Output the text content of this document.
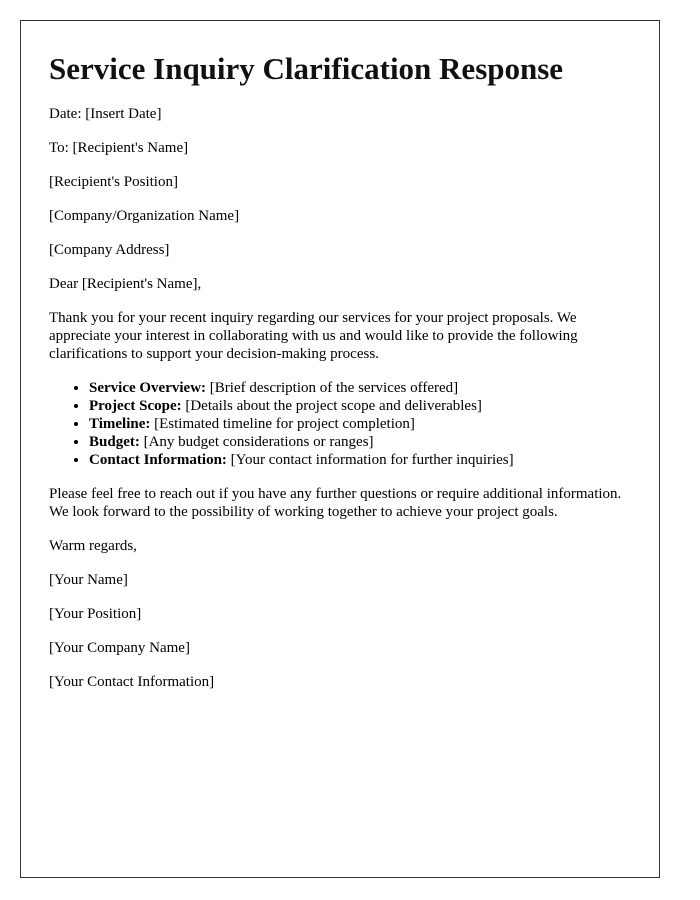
Service Inquiry Clarification Response

Date: [Insert Date]

To: [Recipient's Name]

[Recipient's Position]

[Company/Organization Name]

[Company Address]

Dear [Recipient's Name],

Thank you for your recent inquiry regarding our services for your project proposals. We appreciate your interest in collaborating with us and would like to provide the following clarifications to support your decision-making process.

• Service Overview: [Brief description of the services offered]
• Project Scope: [Details about the project scope and deliverables]
• Timeline: [Estimated timeline for project completion]
• Budget: [Any budget considerations or ranges]
• Contact Information: [Your contact information for further inquiries]

Please feel free to reach out if you have any further questions or require additional information. We look forward to the possibility of working together to achieve your project goals.

Warm regards,

[Your Name]

[Your Position]

[Your Company Name]

[Your Contact Information]
